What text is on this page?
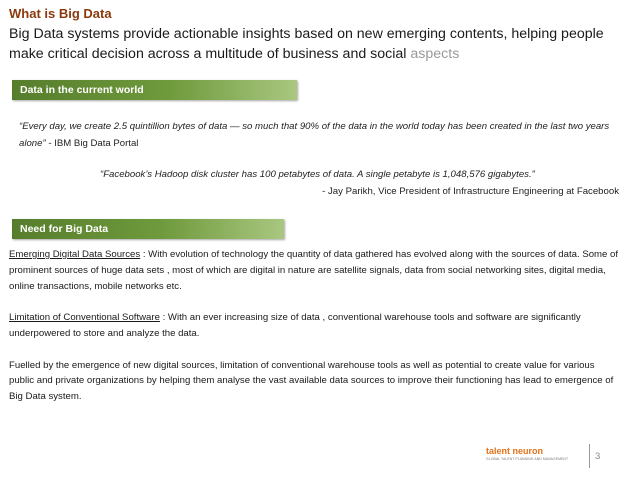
What is Big Data
Big Data systems provide actionable insights based on new emerging contents, helping people make critical decision across a multitude of business and social aspects
Data in the current world
“Every day, we create 2.5 quintillion bytes of data — so much that 90% of the data in the world today has been created in the last two years alone” - IBM Big Data Portal
“Facebook’s Hadoop disk cluster has 100 petabytes of data. A single petabyte is 1,048,576 gigabytes.”
- Jay Parikh, Vice President of Infrastructure Engineering at Facebook
Need for Big Data

Emerging Digital Data Sources : With evolution of technology the quantity of data gathered has evolved along with the sources of data. Some of prominent sources of huge data sets , most of which are digital in nature are satellite signals, data from social networking sites, digital media, online transactions, mobile networks etc.

Limitation of Conventional Software : With an ever increasing size of data , conventional warehouse tools and software are significantly underpowered to store and analyze the data.

Fuelled by the emergence of new digital sources, limitation of conventional warehouse tools as well as potential to create value for various public and private organizations by helping them analyse the vast available data sources to improve their functioning has lead to emergence of Big Data system.

talent neuron
GLOBAL TALENT PLANNING AND MANAGEMENT	3
